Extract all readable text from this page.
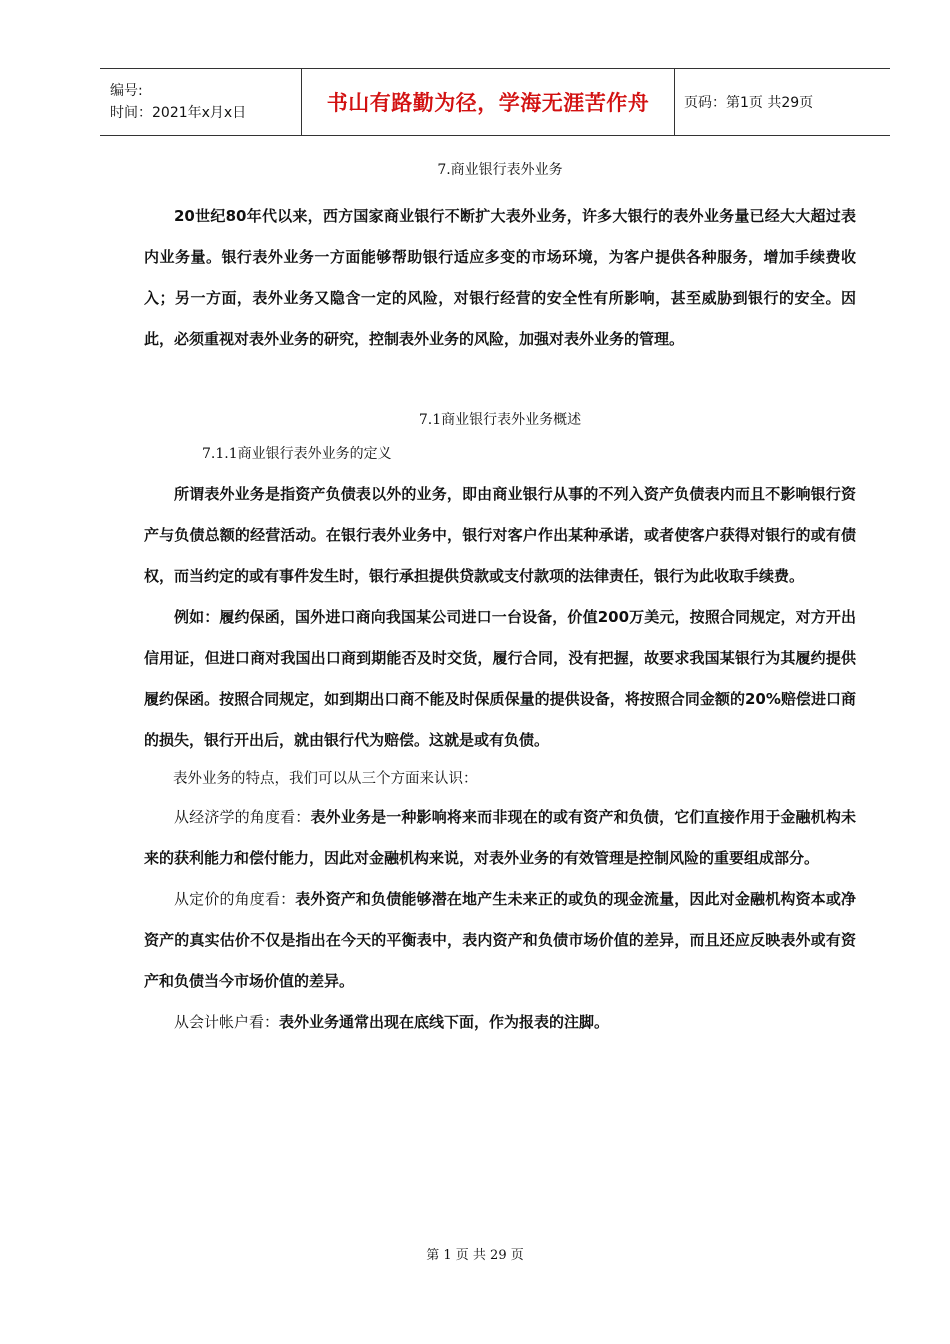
编号:
时间：2021年x月x日	书山有路勤为径，学海无涯苦作舟 页码：第1页 共29页

7.商业银行表外业务

20世纪80年代以来，西方国家商业银行不断扩大表外业务，许多大银行的表外业务量已经大大超过表内业务量。银行表外业务一方面能够帮助银行适应多变的市场环境，为客户提供各种服务，增加手续费收入；另一方面，表外业务又隐含一定的风险，对银行经营的安全性有所影响，甚至威胁到银行的安全。因此，必须重视对表外业务的研究，控制表外业务的风险，加强对表外业务的管理。

7.1商业银行表外业务概述

7.1.1商业银行表外业务的定义

所谓表外业务是指资产负债表以外的业务，即由商业银行从事的不列入资产负债表内而且不影响银行资产与负债总额的经营活动。在银行表外业务中，银行对客户作出某种承诺，或者使客户获得对银行的或有债权，而当约定的或有事件发生时，银行承担提供贷款或支付款项的法律责任，银行为此收取手续费。

例如：履约保函，国外进口商向我国某公司进口一台设备，价值200万美元，按照合同规定，对方开出信用证，但进口商对我国出口商到期能否及时交货，履行合同，没有把握，故要求我国某银行为其履约提供履约保函。按照合同规定，如到期出口商不能及时保质保量的提供设备，将按照合同金额的20%赔偿进口商的损失，银行开出后，就由银行代为赔偿。这就是或有负债。

表外业务的特点，我们可以从三个方面来认识：

从经济学的角度看：表外业务是一种影响将来而非现在的或有资产和负债，它们直接作用于金融机构未来的获利能力和偿付能力，因此对金融机构来说，对表外业务的有效管理是控制风险的重要组成部分。

从定价的角度看：表外资产和负债能够潜在地产生未来正的或负的现金流量，因此对金融机构资本或净资产的真实估价不仅是指出在今天的平衡表中，表内资产和负债市场价值的差异，而且还应反映表外或有资产和负债当今市场价值的差异。

从会计帐户看：表外业务通常出现在底线下面，作为报表的注脚。

第 1 页 共 29 页
